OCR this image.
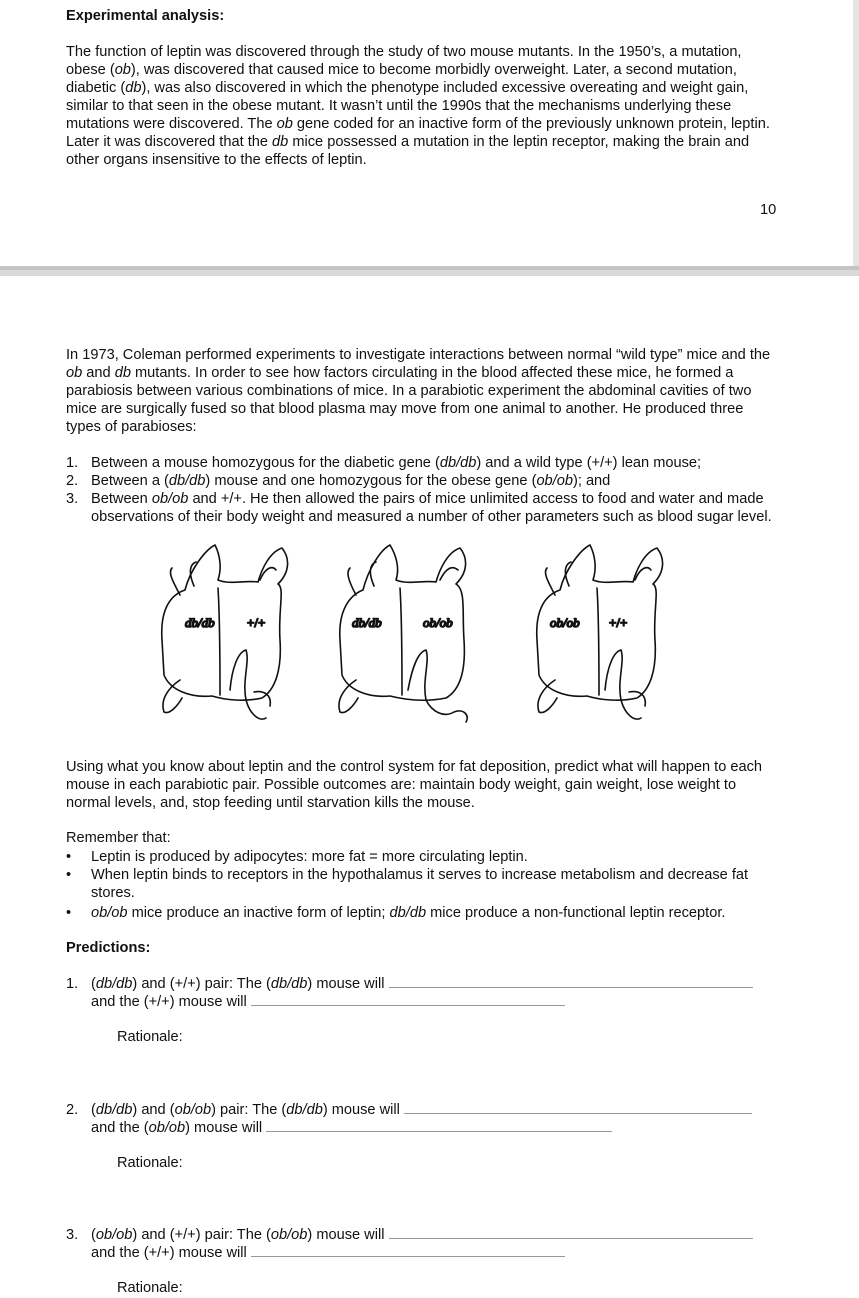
Experimental analysis:

The function of leptin was discovered through the study of two mouse mutants. In the 1950’s, a mutation, obese (ob), was discovered that caused mice to become morbidly overweight. Later, a second mutation, diabetic (db), was also discovered in which the phenotype included excessive overeating and weight gain, similar to that seen in the obese mutant. It wasn’t until the 1990s that the mechanisms underlying these mutations were discovered. The ob gene coded for an inactive form of the previously unknown protein, leptin. Later it was discovered that the db mice possessed a mutation in the leptin receptor, making the brain and other organs insensitive to the effects of leptin.

10

In 1973, Coleman performed experiments to investigate interactions between normal “wild type” mice and the ob and db mutants. In order to see how factors circulating in the blood affected these mice, he formed a parabiosis between various combinations of mice. In a parabiotic experiment the abdominal cavities of two mice are surgically fused so that blood plasma may move from one animal to another. He produced three types of parabioses:

1. Between a mouse homozygous for the diabetic gene (db/db) and a wild type (+/+) lean mouse;
2. Between a (db/db) mouse and one homozygous for the obese gene (ob/ob); and
3. Between ob/ob and +/+. He then allowed the pairs of mice unlimited access to food and water and made observations of their body weight and measured a number of other parameters such as blood sugar level.
db/db +/+	db/db	ob/ob	ob/ob +/+

Using what you know about leptin and the control system for fat deposition, predict what will happen to each mouse in each parabiotic pair. Possible outcomes are: maintain body weight, gain weight, lose weight to normal levels, and, stop feeding until starvation kills the mouse.

Remember that:
• Leptin is produced by adipocytes: more fat = more circulating leptin.
• When leptin binds to receptors in the hypothalamus it serves to increase metabolism and decrease fat stores.
• ob/ob mice produce an inactive form of leptin; db/db mice produce a non-functional leptin receptor.
Predictions:
1. (db/db) and (+/+) pair: The (db/db) mouse will
and the (+/+) mouse will
Rationale:
2. (db/db) and (ob/ob) pair: The (db/db) mouse will
and the (ob/ob) mouse will
Rationale:
3. (ob/ob) and (+/+) pair: The (ob/ob) mouse will
and the (+/+) mouse will
Rationale:
